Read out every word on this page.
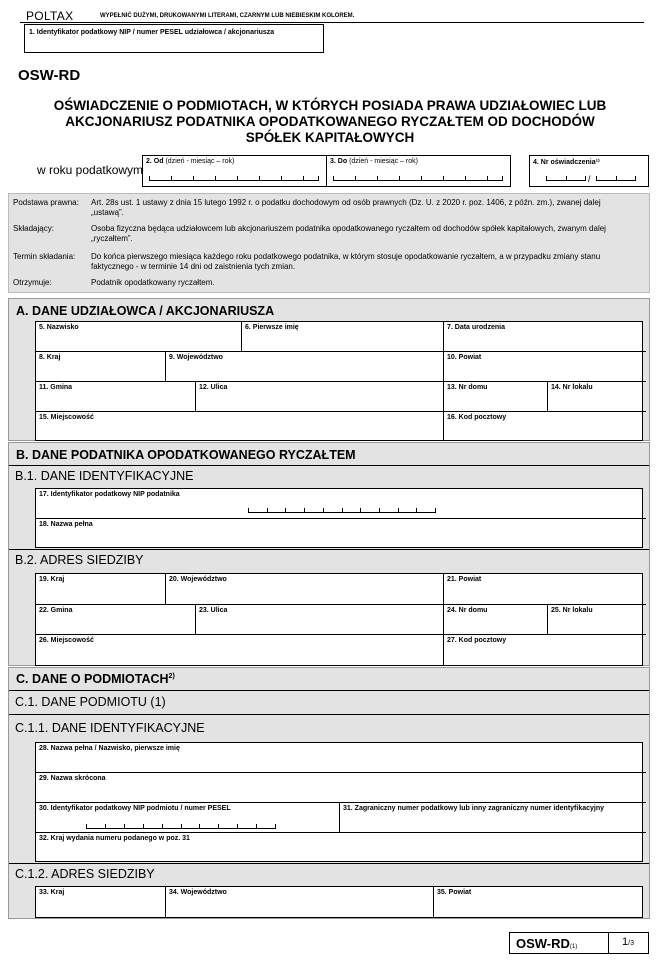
POLTAX	WYPEŁNIĆ DUŻYMI, DRUKOWANYMI LITERAMI, CZARNYM LUB NIEBIESKIM KOLOREM.
1. Identyfikator podatkowy NIP / numer PESEL udziałowca / akcjonariusza
OSW-RD
OŚWIADCZENIE O PODMIOTACH, W KTÓRYCH POSIADA PRAWA UDZIAŁOWIEC LUB
AKCJONARIUSZ PODATNIKA OPODATKOWANEGO RYCZAŁTEM OD DOCHODÓW
SPÓŁEK KAPITAŁOWYCH
w roku podatkowym
2. Od (dzień - miesiąc – rok)	3. Do (dzień - miesiąc – rok)	4. Nr oświadczenia¹⁾
/
Podstawa prawna:	Art. 28s ust. 1 ustawy z dnia 15 lutego 1992 r. o podatku dochodowym od osób prawnych (Dz. U. z 2020 r. poz. 1406, z późn. zm.), zwanej dalej „ustawą”.
Składający:	Osoba fizyczna będąca udziałowcem lub akcjonariuszem podatnika opodatkowanego ryczałtem od dochodów spółek kapitałowych, zwanym dalej „ryczałtem”.
Termin składania:	Do końca pierwszego miesiąca każdego roku podatkowego podatnika, w którym stosuje opodatkowanie ryczałtem, a w przypadku zmiany stanu faktycznego - w terminie 14 dni od zaistnienia tych zmian.
Otrzymuje:	Podatnik opodatkowany ryczałtem.
A. DANE UDZIAŁOWCA / AKCJONARIUSZA
5. Nazwisko	6. Pierwsze imię	7. Data urodzenia
8. Kraj	9. Województwo	10. Powiat
11. Gmina	12. Ulica	13. Nr domu	14. Nr lokalu
15. Miejscowość	16. Kod pocztowy
B. DANE PODATNIKA OPODATKOWANEGO RYCZAŁTEM
B.1. DANE IDENTYFIKACYJNE
17. Identyfikator podatkowy NIP podatnika
18. Nazwa pełna
B.2. ADRES SIEDZIBY
19. Kraj	20. Województwo	21. Powiat
22. Gmina	23. Ulica	24. Nr domu	25. Nr lokalu
26. Miejscowość	27. Kod pocztowy
C. DANE O PODMIOTACH$^{2)}$
C.1. DANE PODMIOTU (1)
C.1.1. DANE IDENTYFIKACYJNE
28. Nazwa pełna / Nazwisko, pierwsze imię
29. Nazwa skrócona
30. Identyfikator podatkowy NIP podmiotu / numer PESEL	31. Zagraniczny numer podatkowy lub inny zagraniczny numer identyfikacyjny
32. Kraj wydania numeru podanego w poz. 31
C.1.2. ADRES SIEDZIBY
33. Kraj	34. Województwo	35. Powiat
OSW-RD(1)	1/3
